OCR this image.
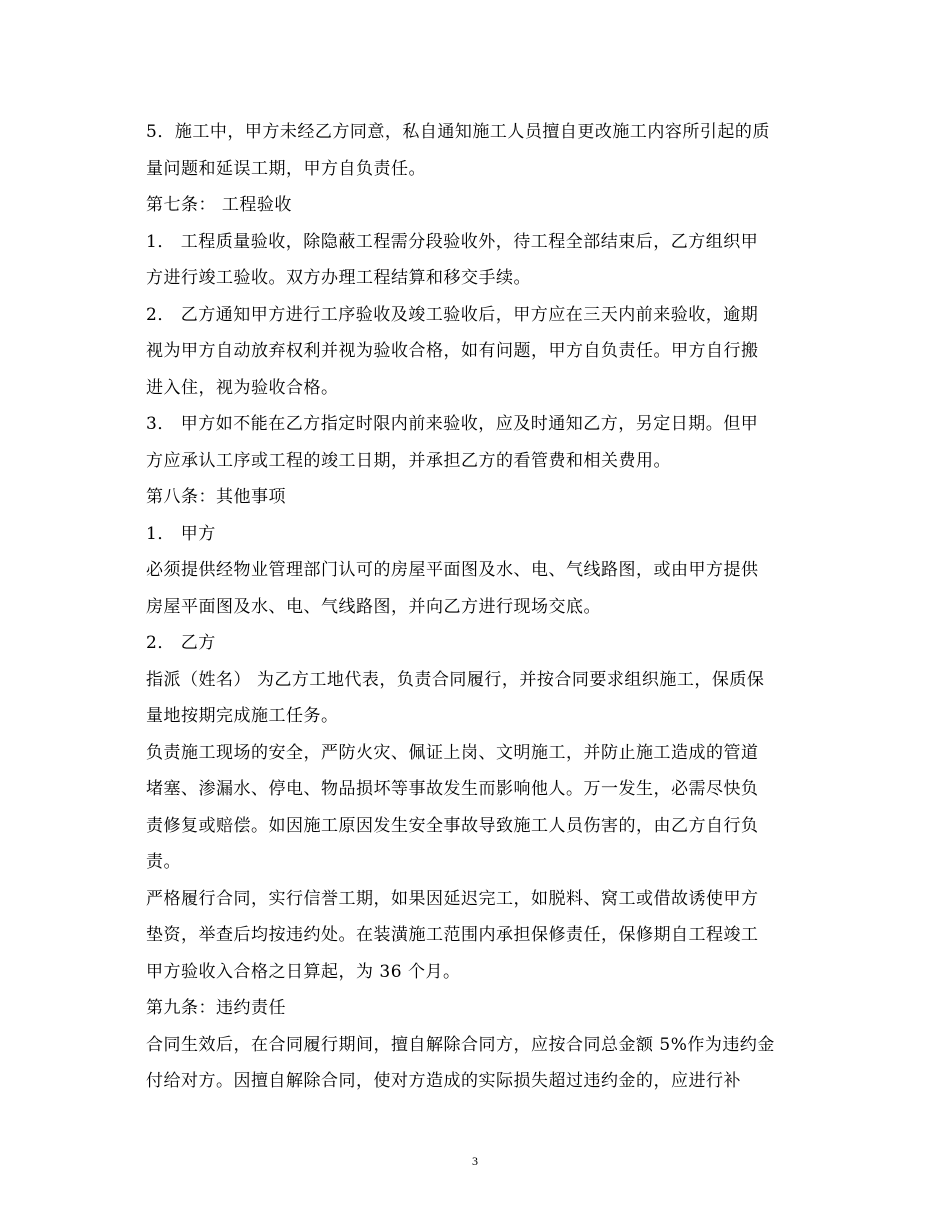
5．施工中，甲方未经乙方同意，私自通知施工人员擅自更改施工内容所引起的质
量问题和延误工期，甲方自负责任。
第七条： 工程验收
1． 工程质量验收，除隐蔽工程需分段验收外，待工程全部结束后，乙方组织甲
方进行竣工验收。双方办理工程结算和移交手续。
2． 乙方通知甲方进行工序验收及竣工验收后，甲方应在三天内前来验收，逾期
视为甲方自动放弃权利并视为验收合格，如有问题，甲方自负责任。甲方自行搬
进入住，视为验收合格。
3． 甲方如不能在乙方指定时限内前来验收，应及时通知乙方，另定日期。但甲
方应承认工序或工程的竣工日期，并承担乙方的看管费和相关费用。
第八条：其他事项
1． 甲方
必须提供经物业管理部门认可的房屋平面图及水、电、气线路图，或由甲方提供
房屋平面图及水、电、气线路图，并向乙方进行现场交底。
2． 乙方
指派（姓名） 为乙方工地代表，负责合同履行，并按合同要求组织施工，保质保
量地按期完成施工任务。
负责施工现场的安全，严防火灾、佩证上岗、文明施工，并防止施工造成的管道
堵塞、渗漏水、停电、物品损坏等事故发生而影响他人。万一发生，必需尽快负
责修复或赔偿。如因施工原因发生安全事故导致施工人员伤害的，由乙方自行负
责。
严格履行合同，实行信誉工期，如果因延迟完工，如脱料、窝工或借故诱使甲方
垫资，举查后均按违约处。在装潢施工范围内承担保修责任，保修期自工程竣工
甲方验收入合格之日算起，为 36 个月。
第九条：违约责任
合同生效后，在合同履行期间，擅自解除合同方，应按合同总金额 5%作为违约金
付给对方。因擅自解除合同，使对方造成的实际损失超过违约金的，应进行补
3
